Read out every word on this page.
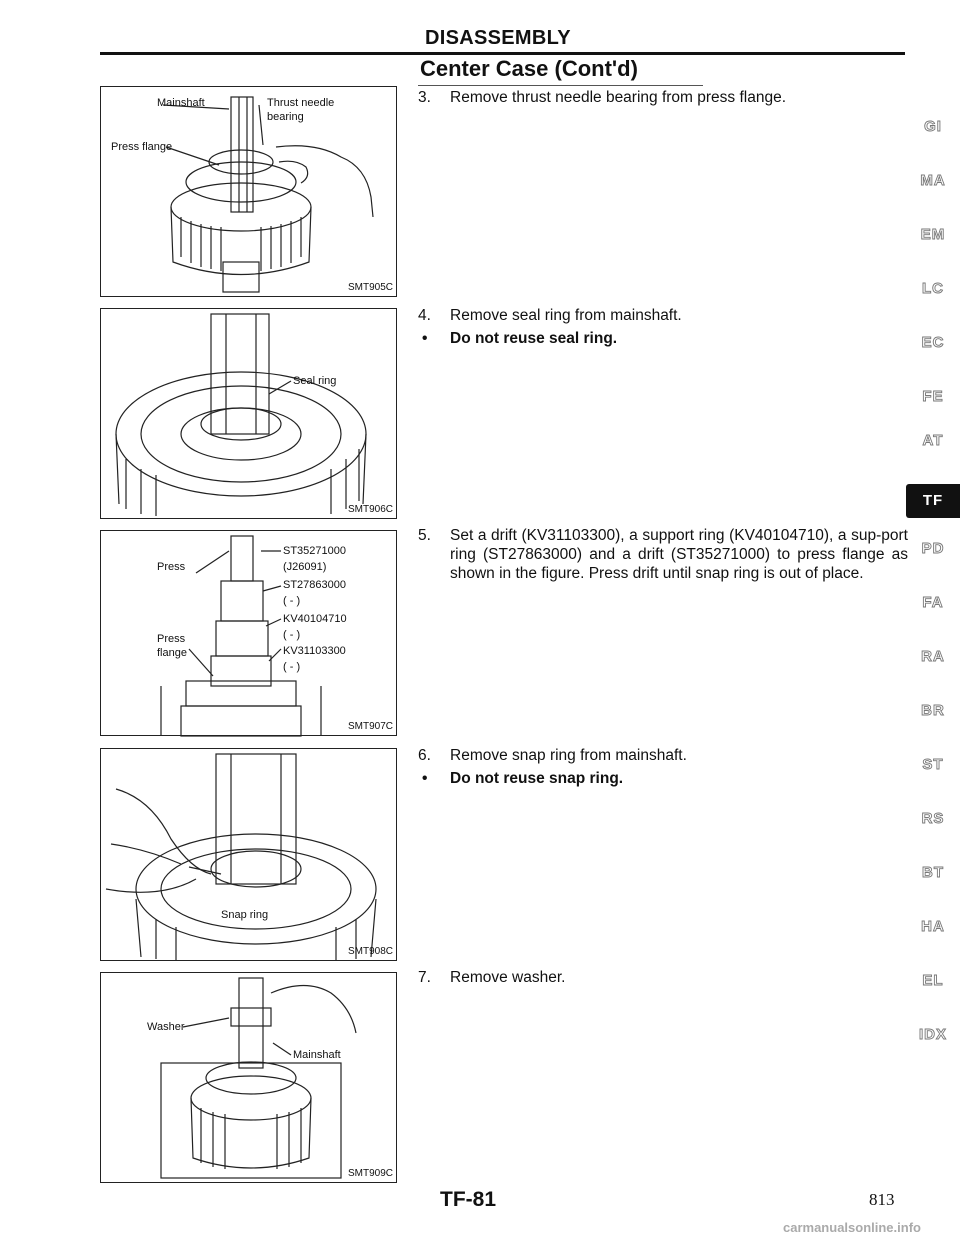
DISASSEMBLY
Center Case (Cont'd)
Mainshaft	Thrust needle
bearing
Press flange
SMT905C
Seal ring
SMT906C
ST35271000
(J26091)
ST27863000
( - )
KV40104710
( - )
KV31103300
( - )
Press
Press
flange
SMT907C
Snap ring
SMT908C
Washer
Mainshaft
SMT909C
3. Remove thrust needle bearing from press flange.
4. Remove seal ring from mainshaft.
• Do not reuse seal ring.
5. Set a drift (KV31103300), a support ring (KV40104710), a sup-port ring (ST27863000) and a drift (ST35271000) to press flange as shown in the figure. Press drift until snap ring is out of place.
6. Remove snap ring from mainshaft.
• Do not reuse snap ring.
7. Remove washer.
GI
MA
EM
LC
EC
FE
AT
TF
PD
FA
RA
BR
ST
RS
BT
HA
EL
IDX
TF-81	813
carmanualsonline.info
